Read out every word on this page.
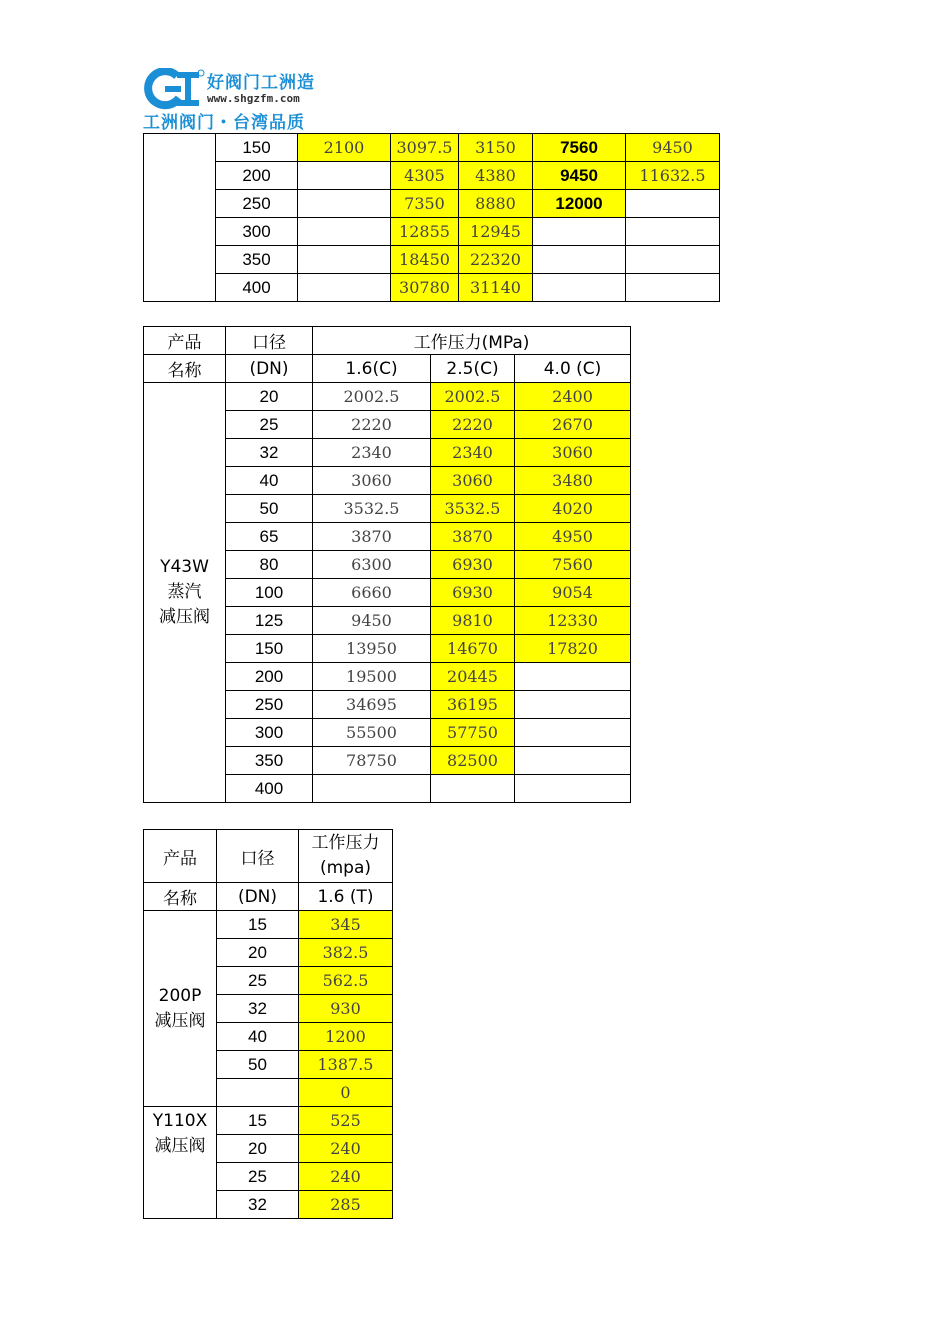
好阀门工洲造
www.shgzfm.com
工洲阀门・台湾品质
	150	2100	3097.5	3150	7560	9450
	200		4305	4380	9450	11632.5
	250		7350	8880	12000	
	300		12855	12945		
	350		18450	22320		
	400		30780	31140		
产品	口径	工作压力(MPa)		
名称	(DN)	1.6(C)	2.5(C)	4.0 (C)

Y43W
蒸汽
减压阀	20	2002.5	2002.5	2400
	25	2220	2220	2670
	32	2340	2340	3060
	40	3060	3060	3480
	50	3532.5	3532.5	4020
	65	3870	3870	4950
	80	6300	6930	7560
	100	6660	6930	9054
	125	9450	9810	12330
	150	13950	14670	17820
	200	19500	20445	
	250	34695	36195	
	300	55500	57750	
	350	78750	82500	
	400			
产品	口径	工作压力
(mpa)

名称	(DN)	1.6 (T)

200P
减压阀	15	345
	20	382.5
	25	562.5
	32	930
	40	1200
	50	1387.5
		0

Y110X
减压阀	15	525
	20	240
	25	240
	32	285
